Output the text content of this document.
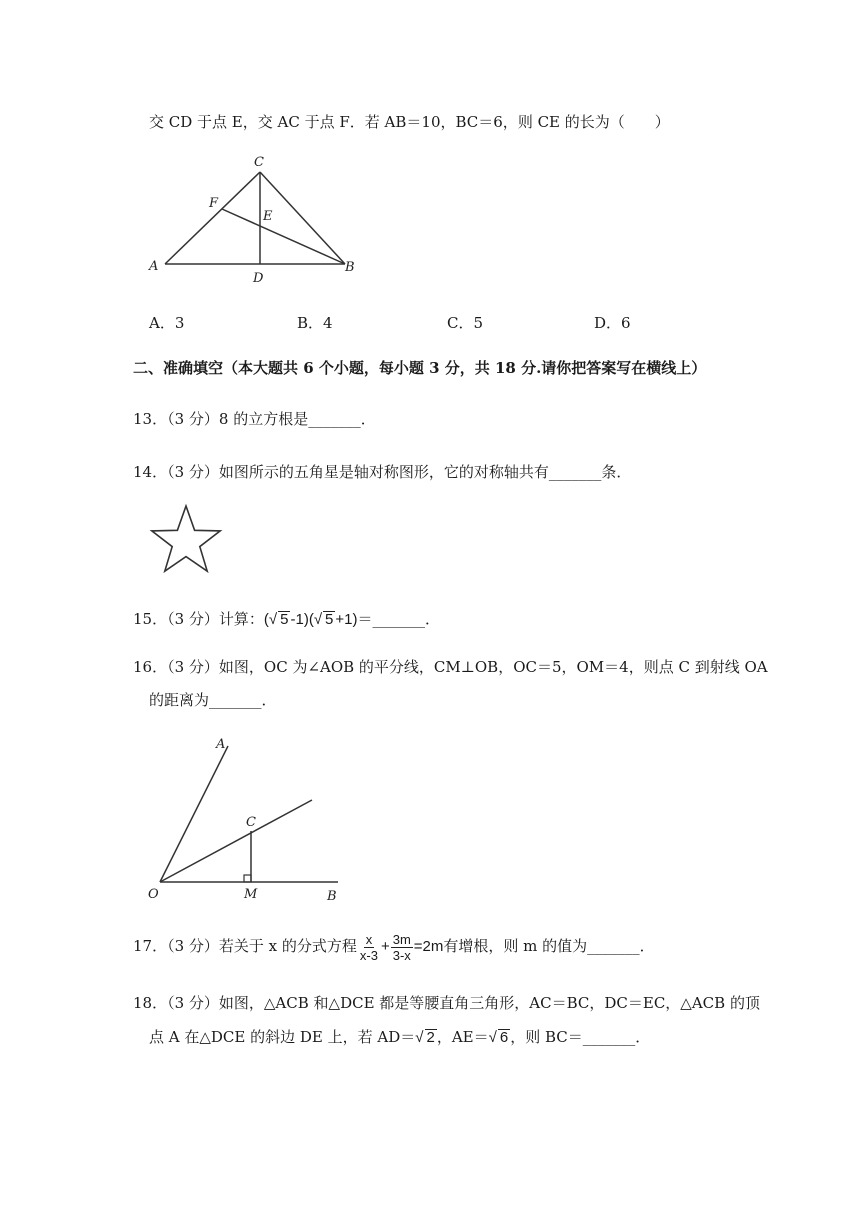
交 CD 于点 E，交 AC 于点 F．若 AB＝10，BC＝6，则 CE 的长为（　　）
C
F
E
A
D
B
A．3	B．4	C．5	D．6
二、准确填空（本大题共 6 个小题，每小题 3 分，共 18 分.请你把答案写在横线上）
13．（3 分）8 的立方根是_______．
14．（3 分）如图所示的五角星是轴对称图形，它的对称轴共有_______条．
15．（3 分）计算：(√ 5 -1)(√ 5 +1)＝_______．
16．（3 分）如图，OC 为∠AOB 的平分线，CM⊥OB，OC＝5，OM＝4，则点 C 到射线 OA
的距离为_______．
A
C
O	M	B
17．（3 分）若关于 x 的分式方程 $\frac{x}{x-3} + \frac{3m}{3-x} =2m$有增根，则 m 的值为_______．
18．（3 分）如图，△ACB 和△DCE 都是等腰直角三角形，AC＝BC，DC＝EC，△ACB 的顶
点 A 在△DCE 的斜边 DE 上，若 AD＝√ 2 ，AE＝√ 6 ，则 BC＝_______．
